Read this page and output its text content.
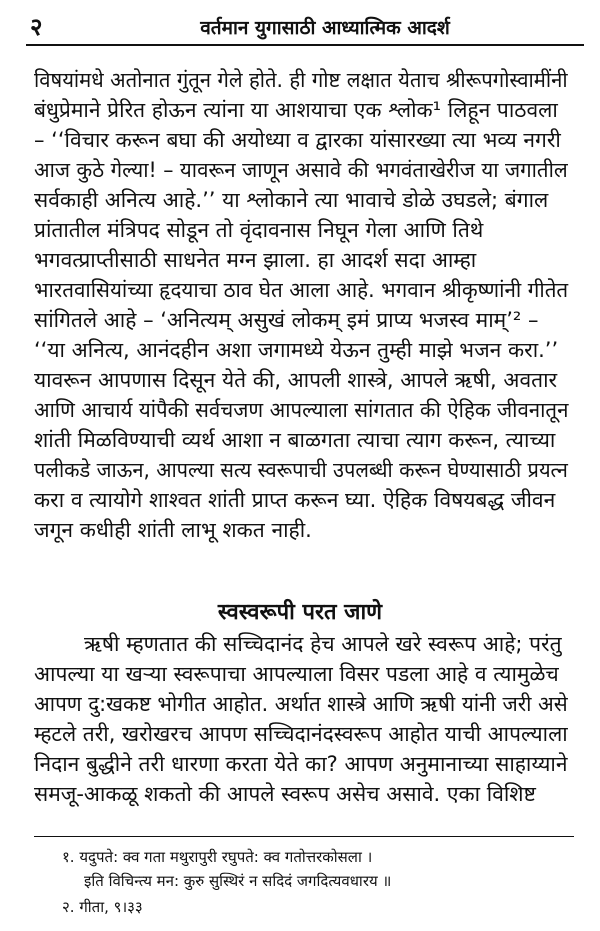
२	वर्तमान युगासाठी आध्यात्मिक आदर्श
विषयांमधे अतोनात गुंतून गेले होते. ही गोष्ट लक्षात येताच श्रीरूपगोस्वामींनी
बंधुप्रेमाने प्रेरित होऊन त्यांना या आशयाचा एक श्लोक¹ लिहून पाठवला
– ‘‘विचार करून बघा की अयोध्या व द्वारका यांसारख्या त्या भव्य नगरी
आज कुठे गेल्या! – यावरून जाणून असावे की भगवंताखेरीज या जगातील
सर्वकाही अनित्य आहे.’’ या श्लोकाने त्या भावाचे डोळे उघडले; बंगाल
प्रांतातील मंत्रिपद सोडून तो वृंदावनास निघून गेला आणि तिथे
भगवत्प्राप्तीसाठी साधनेत मग्न झाला. हा आदर्श सदा आम्हा
भारतवासियांच्या हृदयाचा ठाव घेत आला आहे. भगवान श्रीकृष्णांनी गीतेत
सांगितले आहे – ‘अनित्यम् असुखं लोकम् इमं प्राप्य भजस्व माम्’² –
‘‘या अनित्य, आनंदहीन अशा जगामध्ये येऊन तुम्ही माझे भजन करा.’’
यावरून आपणास दिसून येते की, आपली शास्त्रे, आपले ऋषी, अवतार
आणि आचार्य यांपैकी सर्वचजण आपल्याला सांगतात की ऐहिक जीवनातून
शांती मिळविण्याची व्यर्थ आशा न बाळगता त्याचा त्याग करून, त्याच्या
पलीकडे जाऊन, आपल्या सत्य स्वरूपाची उपलब्धी करून घेण्यासाठी प्रयत्न
करा व त्यायोगे शाश्वत शांती प्राप्त करून घ्या. ऐहिक विषयबद्ध जीवन
जगून कधीही शांती लाभू शकत नाही.
स्वस्वरूपी परत जाणे
ऋषी म्हणतात की सच्चिदानंद हेच आपले खरे स्वरूप आहे; परंतु
आपल्या या खऱ्या स्वरूपाचा आपल्याला विसर पडला आहे व त्यामुळेच
आपण दु:खकष्ट भोगीत आहोत. अर्थात शास्त्रे आणि ऋषी यांनी जरी असे
म्हटले तरी, खरोखरच आपण सच्चिदानंदस्वरूप आहोत याची आपल्याला
निदान बुद्धीने तरी धारणा करता येते का? आपण अनुमानाच्या साहाय्याने
समजू-आकळू शकतो की आपले स्वरूप असेच असावे. एका विशिष्ट
१. यदुपते: क्व गता मथुरापुरी रघुपते: क्व गतोत्तरकोसला ।
इति विचिन्त्य मन: कुरु सुस्थिरं न सदिदं जगदित्यवधारय ॥
२. गीता, ९।३३
